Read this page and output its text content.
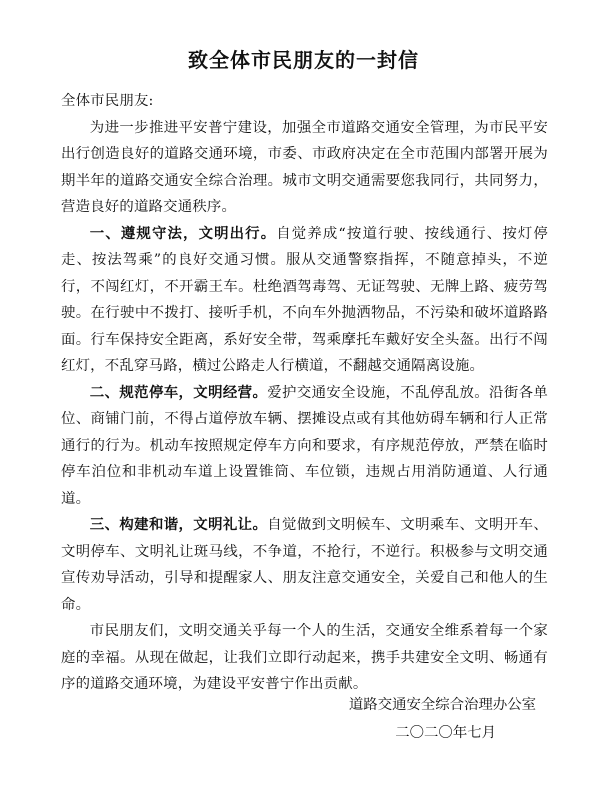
致全体市民朋友的一封信

全体市民朋友:

为进一步推进平安普宁建设，加强全市道路交通安全管理，为市民平安出行创造良好的道路交通环境，市委、市政府决定在全市范围内部署开展为期半年的道路交通安全综合治理。城市文明交通需要您我同行，共同努力，营造良好的道路交通秩序。

一、遵规守法，文明出行。自觉养成“按道行驶、按线通行、按灯停走、按法驾乘”的良好交通习惯。服从交通警察指挥，不随意掉头，不逆行，不闯红灯，不开霸王车。杜绝酒驾毒驾、无证驾驶、无牌上路、疲劳驾驶。在行驶中不拨打、接听手机，不向车外抛洒物品，不污染和破坏道路路面。行车保持安全距离，系好安全带，驾乘摩托车戴好安全头盔。出行不闯红灯，不乱穿马路，横过公路走人行横道，不翻越交通隔离设施。

二、规范停车，文明经营。爱护交通安全设施，不乱停乱放。沿街各单位、商铺门前，不得占道停放车辆、摆摊设点或有其他妨碍车辆和行人正常通行的行为。机动车按照规定停车方向和要求，有序规范停放，严禁在临时停车泊位和非机动车道上设置锥筒、车位锁，违规占用消防通道、人行通道。

三、构建和谐，文明礼让。自觉做到文明候车、文明乘车、文明开车、文明停车、文明礼让斑马线，不争道，不抢行，不逆行。积极参与文明交通宣传劝导活动，引导和提醒家人、朋友注意交通安全，关爱自己和他人的生命。

市民朋友们，文明交通关乎每一个人的生活，交通安全维系着每一个家庭的幸福。从现在做起，让我们立即行动起来，携手共建安全文明、畅通有序的道路交通环境，为建设平安普宁作出贡献。

道路交通安全综合治理办公室
二〇二〇年七月
